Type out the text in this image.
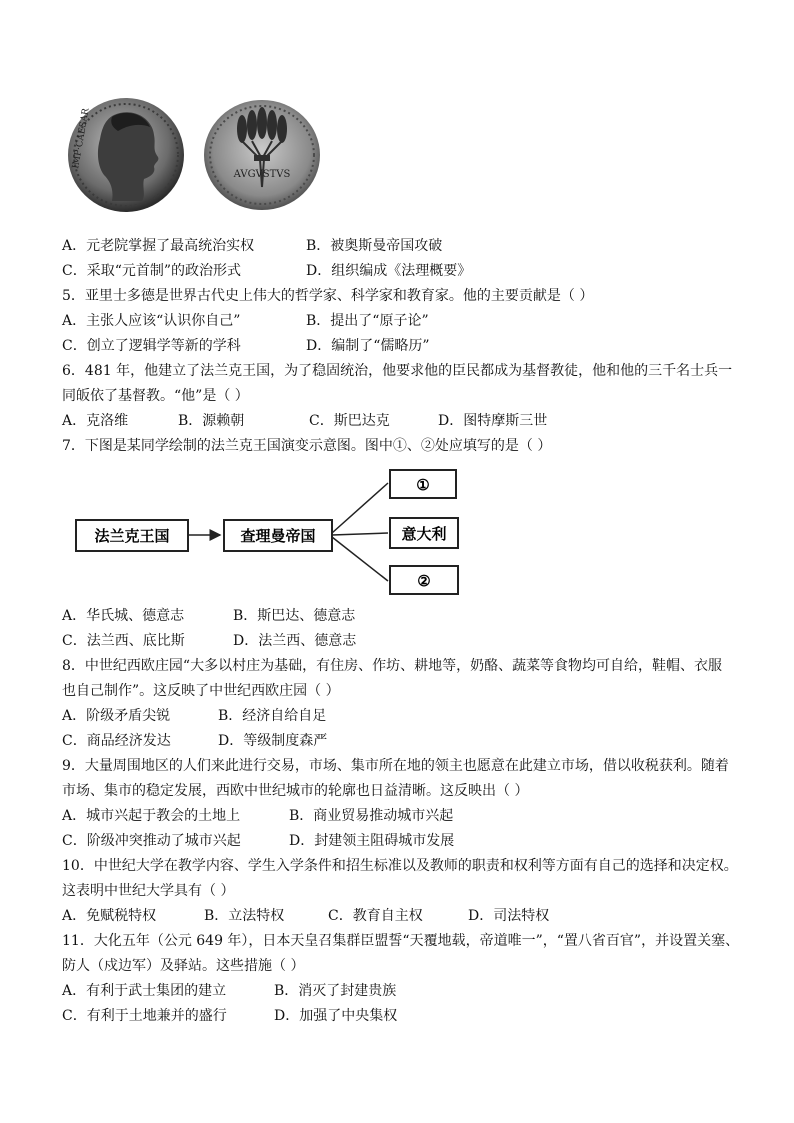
IMP·CAESAR
AVGVSTVS
A．元老院掌握了最高统治实权	B．被奥斯曼帝国攻破
C．采取“元首制”的政治形式	D．组织编成《法理概要》
5．亚里士多德是世界古代史上伟大的哲学家、科学家和教育家。他的主要贡献是（ ）
A．主张人应该“认识你自己”	B．提出了“原子论”
C．创立了逻辑学等新的学科	D．编制了“儒略历”
6．481 年，他建立了法兰克王国，为了稳固统治，他要求他的臣民都成为基督教徒，他和他的三千名士兵一
同皈依了基督教。“他”是（ ）
A．克洛维	B．源赖朝	C．斯巴达克	D．图特摩斯三世
7．下图是某同学绘制的法兰克王国演变示意图。图中①、②处应填写的是（ ）
法兰克王国	查理曼帝国
①
意大利
②
A．华氏城、德意志	B．斯巴达、德意志
C．法兰西、底比斯	D．法兰西、德意志
8．中世纪西欧庄园“大多以村庄为基础，有住房、作坊、耕地等，奶酪、蔬菜等食物均可自给，鞋帽、衣服
也自己制作”。这反映了中世纪西欧庄园（ ）
A．阶级矛盾尖锐	B．经济自给自足
C．商品经济发达	D．等级制度森严
9．大量周围地区的人们来此进行交易，市场、集市所在地的领主也愿意在此建立市场，借以收税获利。随着
市场、集市的稳定发展，西欧中世纪城市的轮廓也日益清晰。这反映出（ ）
A．城市兴起于教会的土地上	B．商业贸易推动城市兴起
C．阶级冲突推动了城市兴起	D．封建领主阻碍城市发展
10．中世纪大学在教学内容、学生入学条件和招生标准以及教师的职责和权利等方面有自己的选择和决定权。
这表明中世纪大学具有（ ）
A．免赋税特权	B．立法特权	C．教育自主权	D．司法特权
11．大化五年（公元 649 年），日本天皇召集群臣盟誓“天覆地载，帝道唯一”，“置八省百官”，并设置关塞、
防人（戍边军）及驿站。这些措施（ ）
A．有利于武士集团的建立	B．消灭了封建贵族
C．有利于土地兼并的盛行	D．加强了中央集权
